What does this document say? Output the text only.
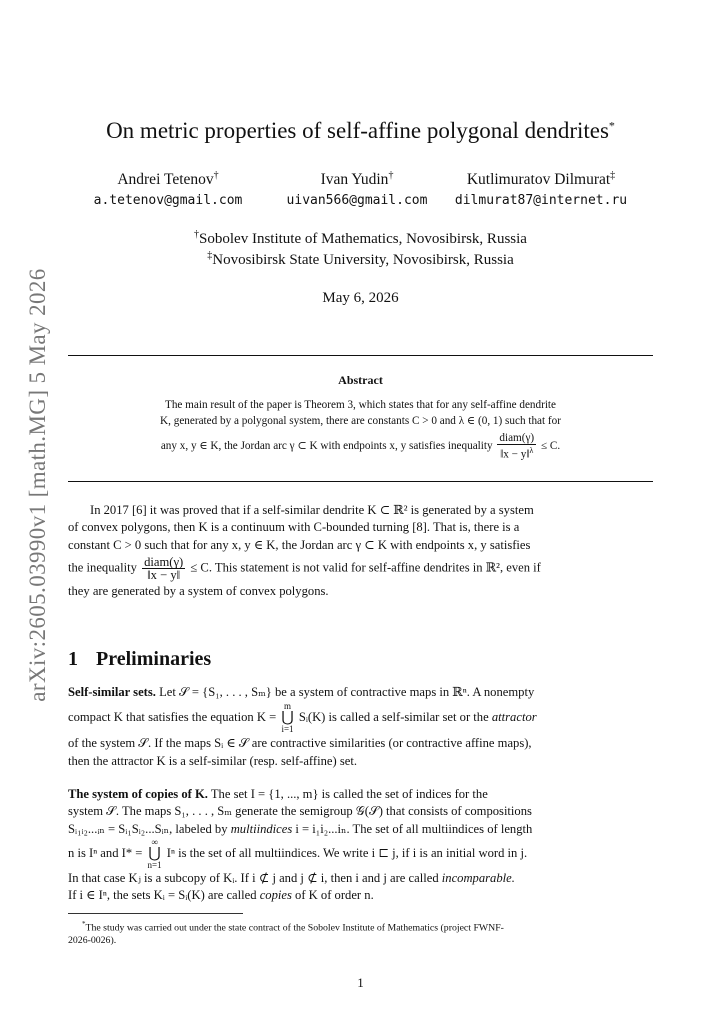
arXiv:2605.03990v1 [math.MG] 5 May 2026
On metric properties of self-affine polygonal dendrites*
Andrei Tetenov†
a.tetenov@gmail.com
Ivan Yudin†
uivan566@gmail.com
Kutlimuratov Dilmurat‡
dilmurat87@internet.ru
†Sobolev Institute of Mathematics, Novosibirsk, Russia
‡Novosibirsk State University, Novosibirsk, Russia
May 6, 2026
Abstract
The main result of the paper is Theorem 3, which states that for any self-affine dendrite
K, generated by a polygonal system, there are constants C > 0 and λ ∈ (0, 1) such that for
any x, y ∈ K, the Jordan arc γ ⊂ K with endpoints x, y satisfies inequality $\frac{\text{diam(γ)}}{‖x - y‖^\lambda} \le C$.
In 2017 [6] it was proved that if a self-similar dendrite K ⊂ ℝ² is generated by a system
of convex polygons, then K is a continuum with C-bounded turning [8]. That is, there is a
constant C > 0 such that for any x, y ∈ K, the Jordan arc γ ⊂ K with endpoints x, y satisfies
the inequality $\frac{\text{diam(γ)}}{‖x - y‖} \le C$. This statement is not valid for self-affine dendrites in ℝ², even if
they are generated by a system of convex polygons.
1 Preliminaries
Self-similar sets. Let 𝒮 = {S₁, . . . , Sₘ} be a system of contractive maps in ℝⁿ. A nonempty
compact K that satisfies the equation K = m
⋃
i=1 Sᵢ(K) is called a self-similar set or the attractor
of the system 𝒮. If the maps Sᵢ ∈ 𝒮 are contractive similarities (or contractive affine maps),
then the attractor K is a self-similar (resp. self-affine) set.
The system of copies of K. The set I = {1, ..., m} is called the set of indices for the
system 𝒮. The maps S₁, . . . , Sₘ generate the semigroup 𝒢(𝒮) that consists of compositions
Sᵢ₁ᵢ₂...ᵢₙ = Sᵢ₁Sᵢ₂...Sᵢₙ, labeled by multiindices i = i₁i₂...iₙ. The set of all multiindices of length
n is Iⁿ and I* = ∞
⋃
n=1 Iⁿ is the set of all multiindices. We write i ⊏ j, if i is an initial word in j.
In that case Kⱼ is a subcopy of Kᵢ. If i ⊄ j and j ⊄ i, then i and j are called incomparable.
If i ∈ Iⁿ, the sets Kᵢ = Sᵢ(K) are called copies of K of order n.
*The study was carried out under the state contract of the Sobolev Institute of Mathematics (project FWNF-
2026-0026).
1
